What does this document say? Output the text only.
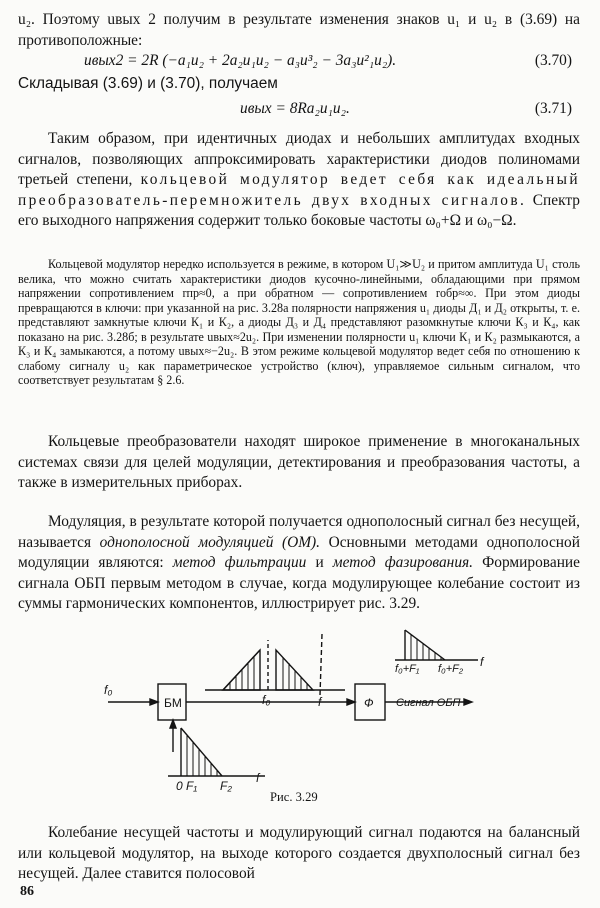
u₂. Поэтому uвых 2 получим в результате изменения знаков u₁ и u₂ в (3.69) на противоположные:

uвых2 = 2R (−a₁u₂ + 2a₂u₁u₂ − a₃u³₂ − 3a₃u²₁u₂).	(3.70)

Складывая (3.69) и (3.70), получаем

uвых = 8Ra₂u₁u₂.	(3.71)

Таким образом, при идентичных диодах и небольших амплитудах входных сигналов, позволяющих аппроксимировать характеристики диодов полиномами третьей степени, кольцевой модулятор ведет себя как идеальный преобразователь-перемножитель двух входных сигналов. Спектр его выходного напряжения содержит только боковые частоты ω₀+Ω и ω₀−Ω.

Кольцевой модулятор нередко используется в режиме, в котором U₁≫U₂ и притом амплитуда U₁ столь велика, что можно считать характеристики диодов кусочно-линейными, обладающими при прямом напряжении сопротивлением rпр≈0, а при обратном — сопротивлением rобр≈∞. При этом диоды превращаются в ключи: при указанной на рис. 3.28а полярности напряжения u₁ диоды Д₁ и Д₂ открыты, т. е. представляют замкнутые ключи К₁ и К₂, а диоды Д₃ и Д₄ представляют разомкнутые ключи К₃ и К₄, как показано на рис. 3.28б; в результате uвых≈2u₂. При изменении полярности u₁ ключи К₁ и К₂ размыкаются, а К₃ и К₄ замыкаются, а потому uвых≈−2u₂. В этом режиме кольцевой модулятор ведет себя по отношению к слабому сигналу u₂ как параметрическое устройство (ключ), управляемое сильным сигналом, что соответствует результатам § 2.6.

Кольцевые преобразователи находят широкое применение в многоканальных системах связи для целей модуляции, детектирования и преобразования частоты, а также в измерительных приборах.

Модуляция, в результате которой получается однополосный сигнал без несущей, называется однополосной модуляцией (ОМ). Основными методами однополосной модуляции являются: метод фильтрации и метод фазирования. Формирование сигнала ОБП первым методом в случае, когда модулирующее колебание состоит из суммы гармонических компонентов, иллюстрирует рис. 3.29.

БМ	Ф
f₀
Сигнал ОБП
f₀	f
0 F₁ F₂
f
f₀+F₁ f₀+F₂ f
Рис. 3.29

Колебание несущей частоты и модулирующий сигнал подаются на балансный или кольцевой модулятор, на выходе которого создается двухполосный сигнал без несущей. Далее ставится полосовой

86
